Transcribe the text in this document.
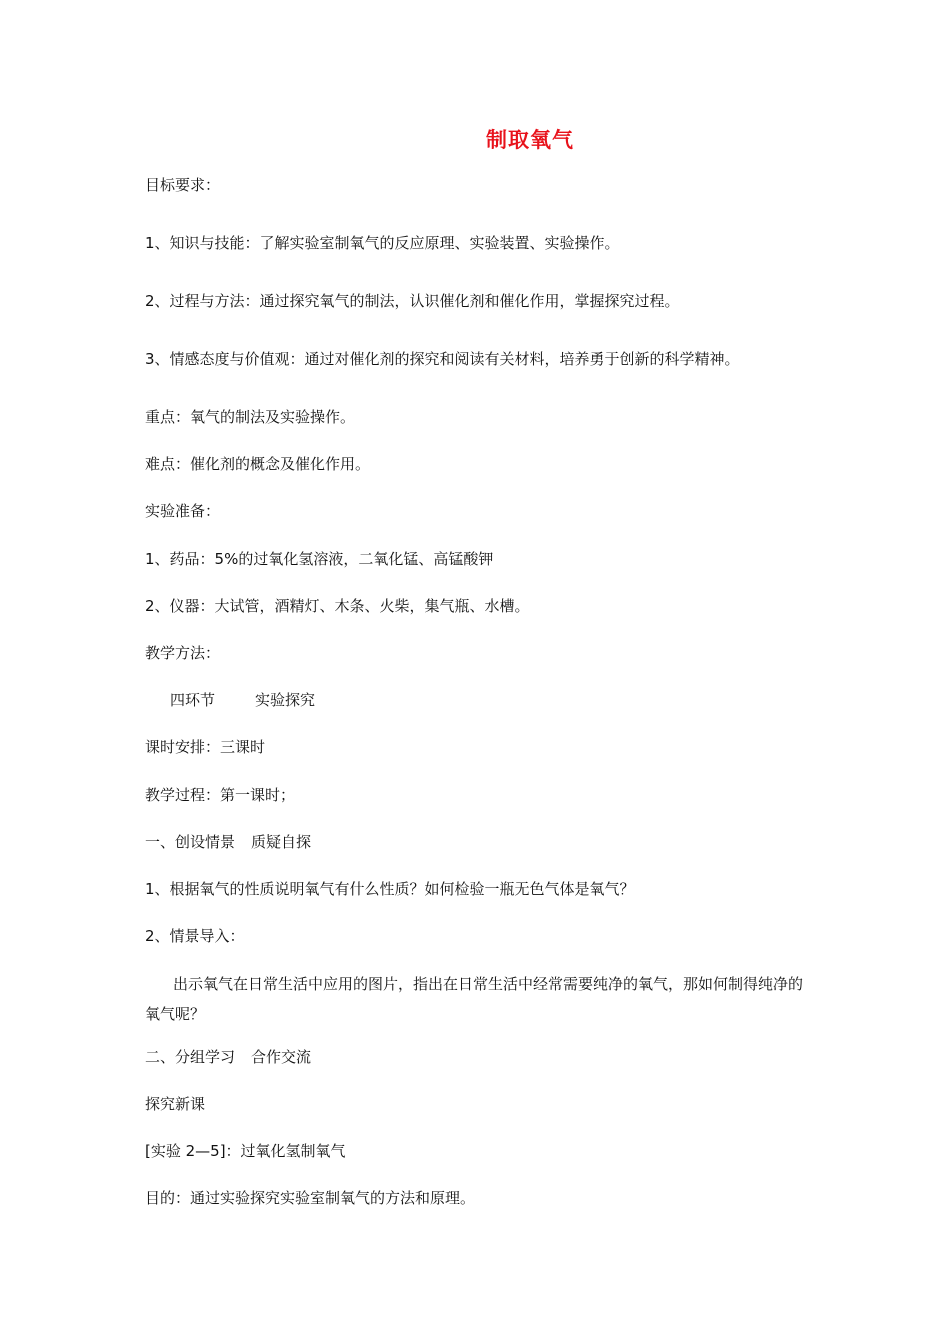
制取氧气
目标要求：
1、知识与技能：了解实验室制氧气的反应原理、实验装置、实验操作。
2、过程与方法：通过探究氧气的制法，认识催化剂和催化作用，掌握探究过程。
3、情感态度与价值观：通过对催化剂的探究和阅读有关材料，培养勇于创新的科学精神。
重点：氧气的制法及实验操作。
难点：催化剂的概念及催化作用。
实验准备：
1、药品：5%的过氧化氢溶液，二氧化锰、高锰酸钾
2、仪器：大试管，酒精灯、木条、火柴，集气瓶、水槽。
教学方法：
四环节	实验探究
课时安排：三课时
教学过程：第一课时；
一、创设情景 质疑自探
1、根据氧气的性质说明氧气有什么性质？如何检验一瓶无色气体是氧气？
2、情景导入：
出示氧气在日常生活中应用的图片，指出在日常生活中经常需要纯净的氧气，那如何制得纯净的氧气呢？
二、分组学习 合作交流
探究新课
[实验 2—5]：过氧化氢制氧气
目的：通过实验探究实验室制氧气的方法和原理。
